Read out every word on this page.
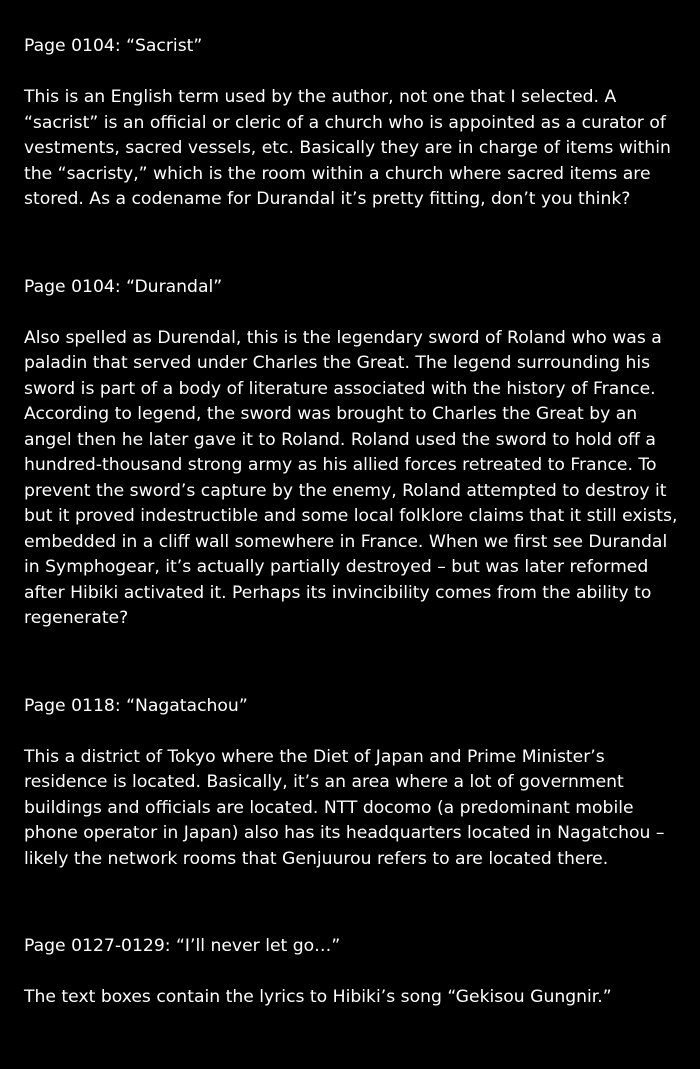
Page 0104: “Sacrist”

This is an English term used by the author, not one that I selected. A “sacrist” is an official or cleric of a church who is appointed as a curator of vestments, sacred vessels, etc. Basically they are in charge of items within the “sacristy,” which is the room within a church where sacred items are stored. As a codename for Durandal it’s pretty fitting, don’t you think?

Page 0104: “Durandal”

Also spelled as Durendal, this is the legendary sword of Roland who was a paladin that served under Charles the Great. The legend surrounding his sword is part of a body of literature associated with the history of France. According to legend, the sword was brought to Charles the Great by an angel then he later gave it to Roland. Roland used the sword to hold off a hundred-thousand strong army as his allied forces retreated to France. To prevent the sword’s capture by the enemy, Roland attempted to destroy it but it proved indestructible and some local folklore claims that it still exists, embedded in a cliff wall somewhere in France. When we first see Durandal in Symphogear, it’s actually partially destroyed – but was later reformed after Hibiki activated it. Perhaps its invincibility comes from the ability to regenerate?

Page 0118: “Nagatachou”

This a district of Tokyo where the Diet of Japan and Prime Minister’s residence is located. Basically, it’s an area where a lot of government buildings and officials are located. NTT docomo (a predominant mobile phone operator in Japan) also has its headquarters located in Nagatchou – likely the network rooms that Genjuurou refers to are located there.

Page 0127-0129: “I’ll never let go…”

The text boxes contain the lyrics to Hibiki’s song “Gekisou Gungnir.”
